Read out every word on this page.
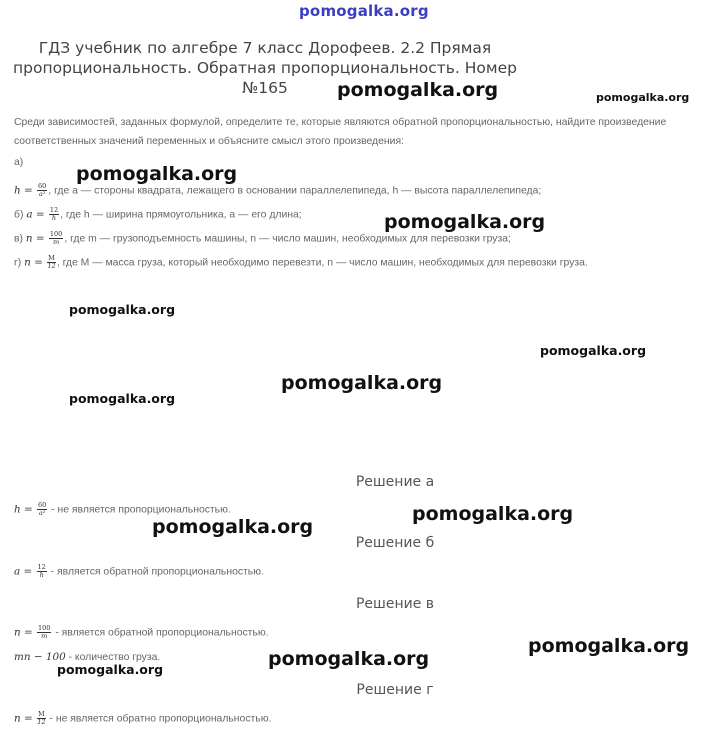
pomogalka.org
ГДЗ учебник по алгебре 7 класс Дорофеев. 2.2 Прямая пропорциональность. Обратная пропорциональность. Номер №165
Среди зависимостей, заданных формулой, определите те, которые являются обратной пропорциональностью, найдите произведение
соответственных значений переменных и объясните смысл этого произведения:
а)
$h = \frac{60}{\text{a²}}$ , где a — стороны квадрата, лежащего в основании параллелепипеда, h — высота параллелепипеда;
б) $a = \frac{12}{h}$ , где h — ширина прямоугольника, a — его длина;
в) $n = \frac{100}{m}$ , где m — грузоподъемность машины, n — число машин, необходимых для перевозки груза;
г) $n = \frac{M}{12}$ , где M — масса груза, который необходимо перевезти, n — число машин, необходимых для перевозки груза.
Решение а
$h = \frac{60}{\text{a²}}$ - не является пропорциональностью.
Решение б
$a = \frac{12}{h}$ - является обратной пропорциональностью.
Решение в
$n = \frac{100}{m}$ - является обратной пропорциональностью.
mn − 100 - количество груза.
Решение г
$n = \frac{M}{12}$ - не является обратно пропорциональностью.
pomogalka.org	pomogalka.org
pomogalka.org
pomogalka.org
pomogalka.org
pomogalka.org
pomogalka.org
pomogalka.org
pomogalka.org
pomogalka.org
pomogalka.org
pomogalka.org
pomogalka.org
